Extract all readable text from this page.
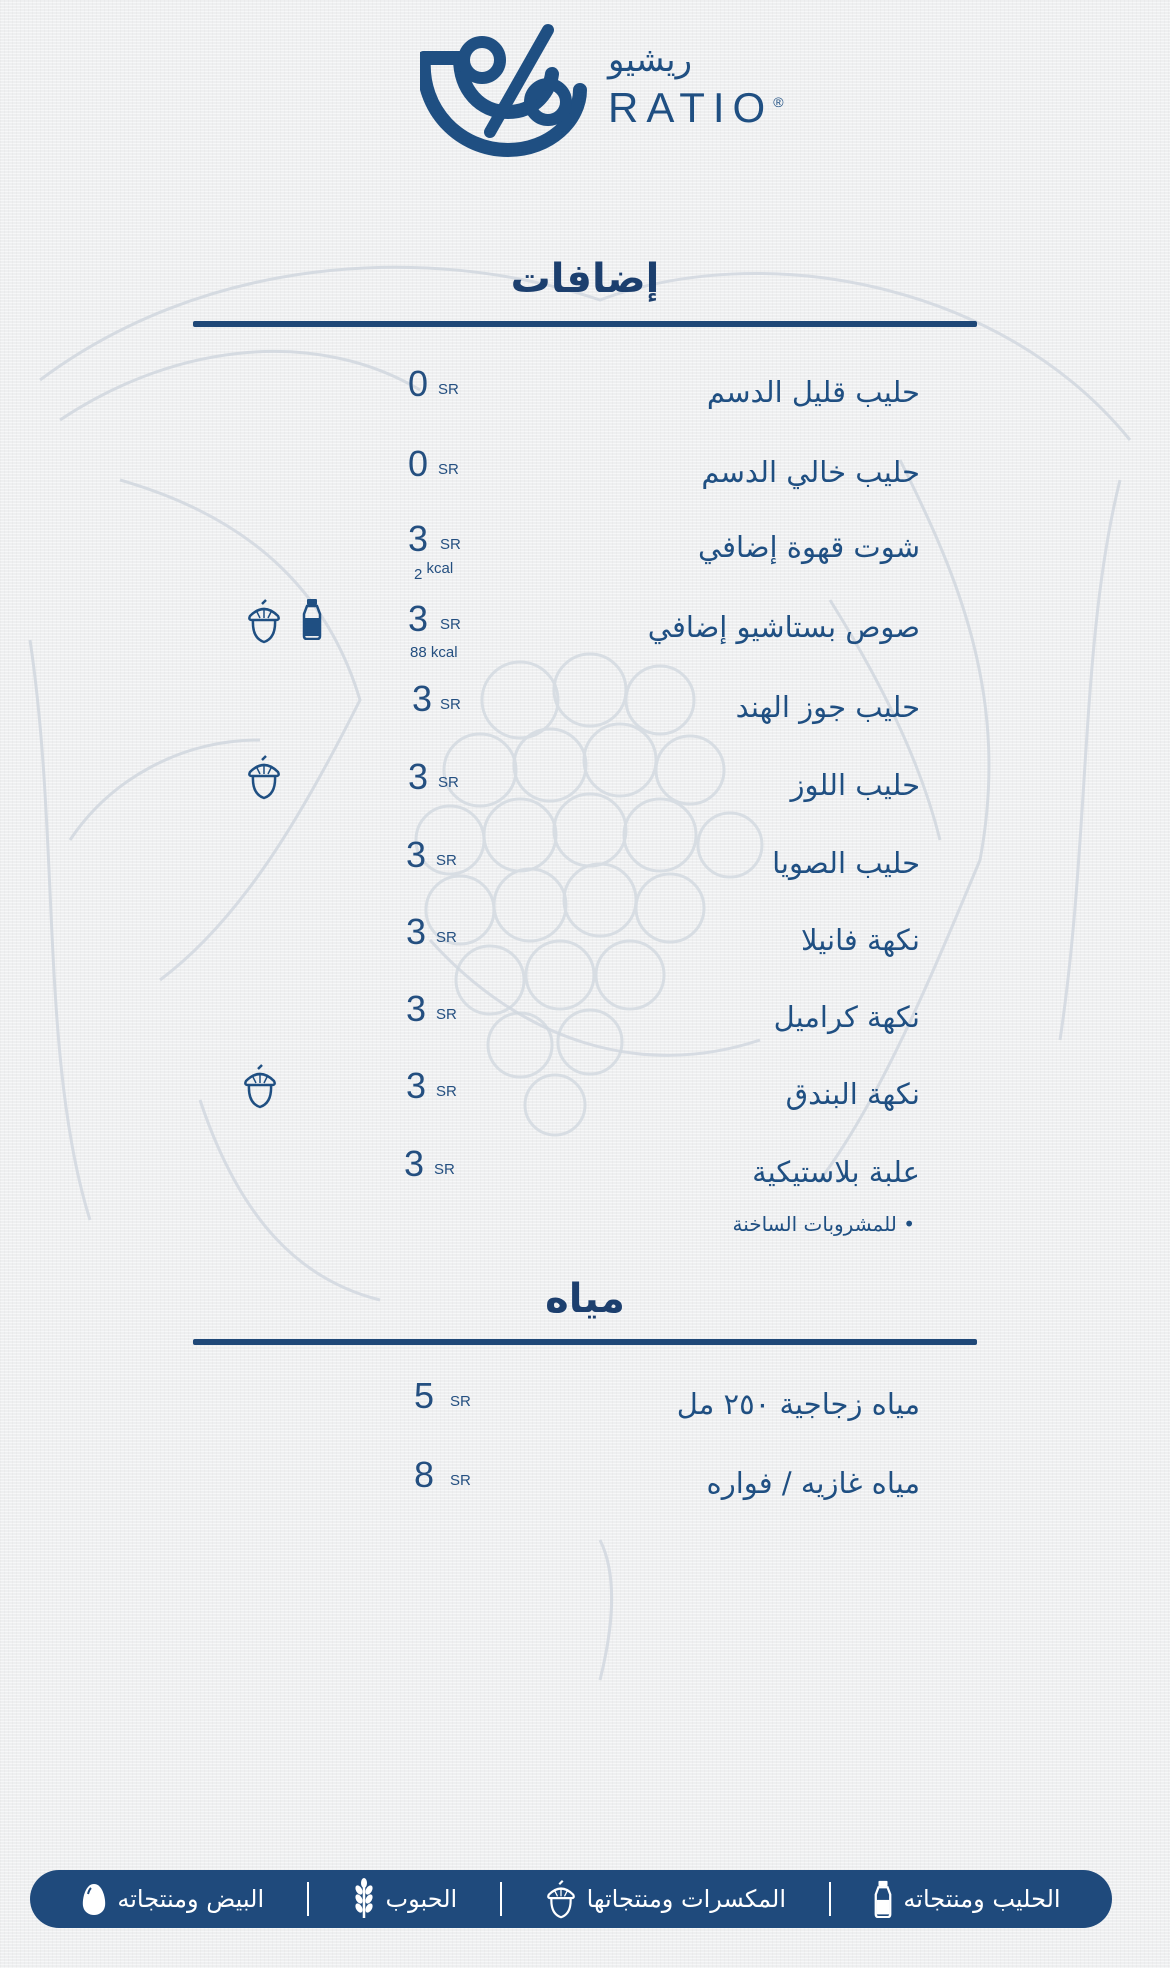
ريشيو
RATIO®
إضافات
حليب قليل الدسم
0 SR
حليب خالي الدسم
0 SR
شوت قهوة إضافي
3 SR
2 $^{kcal}$
صوص بستاشيو إضافي
3 SR
88 kcal
حليب جوز الهند
3 SR
حليب اللوز
3 SR
حليب الصويا
3 SR
نكهة فانيلا
3 SR
نكهة كراميل
3 SR
نكهة البندق
3 SR
علبة بلاستيكية
3 SR
• للمشروبات الساخنة
مياه
مياه زجاجية ٢٥٠ مل
5 SR
مياه غازيه / فواره
8 SR
الحليب ومنتجاته
المكسرات ومنتجاتها
الحبوب
البيض ومنتجاته
